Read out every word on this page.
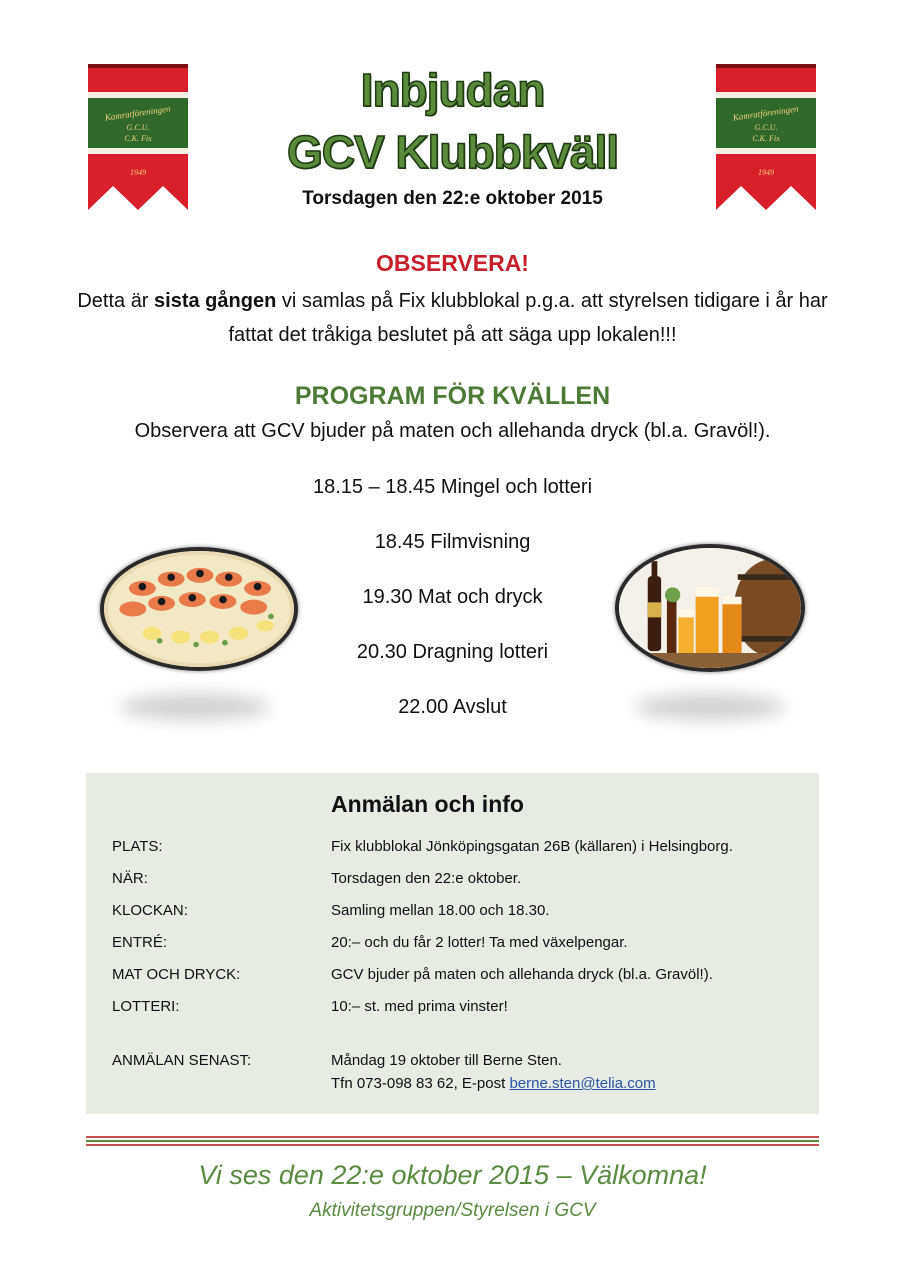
Kamratföreningen
G.C.U.
C.K. Fix
1949
Kamratföreningen
G.C.U.
C.K. Fix
1949
Inbjudan
GCV Klubbkväll
Torsdagen den 22:e oktober 2015
OBSERVERA!
Detta är sista gången vi samlas på Fix klubblokal p.g.a. att styrelsen tidigare i år har fattat det tråkiga beslutet på att säga upp lokalen!!!
PROGRAM FÖR KVÄLLEN
Observera att GCV bjuder på maten och allehanda dryck (bl.a. Gravöl!).
18.15 – 18.45 Mingel och lotteri
18.45 Filmvisning
19.30 Mat och dryck
20.30 Dragning lotteri
22.00 Avslut
Anmälan och info
PLATS:	Fix klubblokal Jönköpingsgatan 26B (källaren) i Helsingborg.
NÄR:	Torsdagen den 22:e oktober.
KLOCKAN:	Samling mellan 18.00 och 18.30.
ENTRÉ:	20:– och du får 2 lotter! Ta med växelpengar.
MAT OCH DRYCK:	GCV bjuder på maten och allehanda dryck (bl.a. Gravöl!).
LOTTERI:	10:– st. med prima vinster!
ANMÄLAN SENAST:	Måndag 19 oktober till Berne Sten.
Tfn 073-098 83 62, E-post berne.sten@telia.com
Vi ses den 22:e oktober 2015 – Välkomna!
Aktivitetsgruppen/Styrelsen i GCV
